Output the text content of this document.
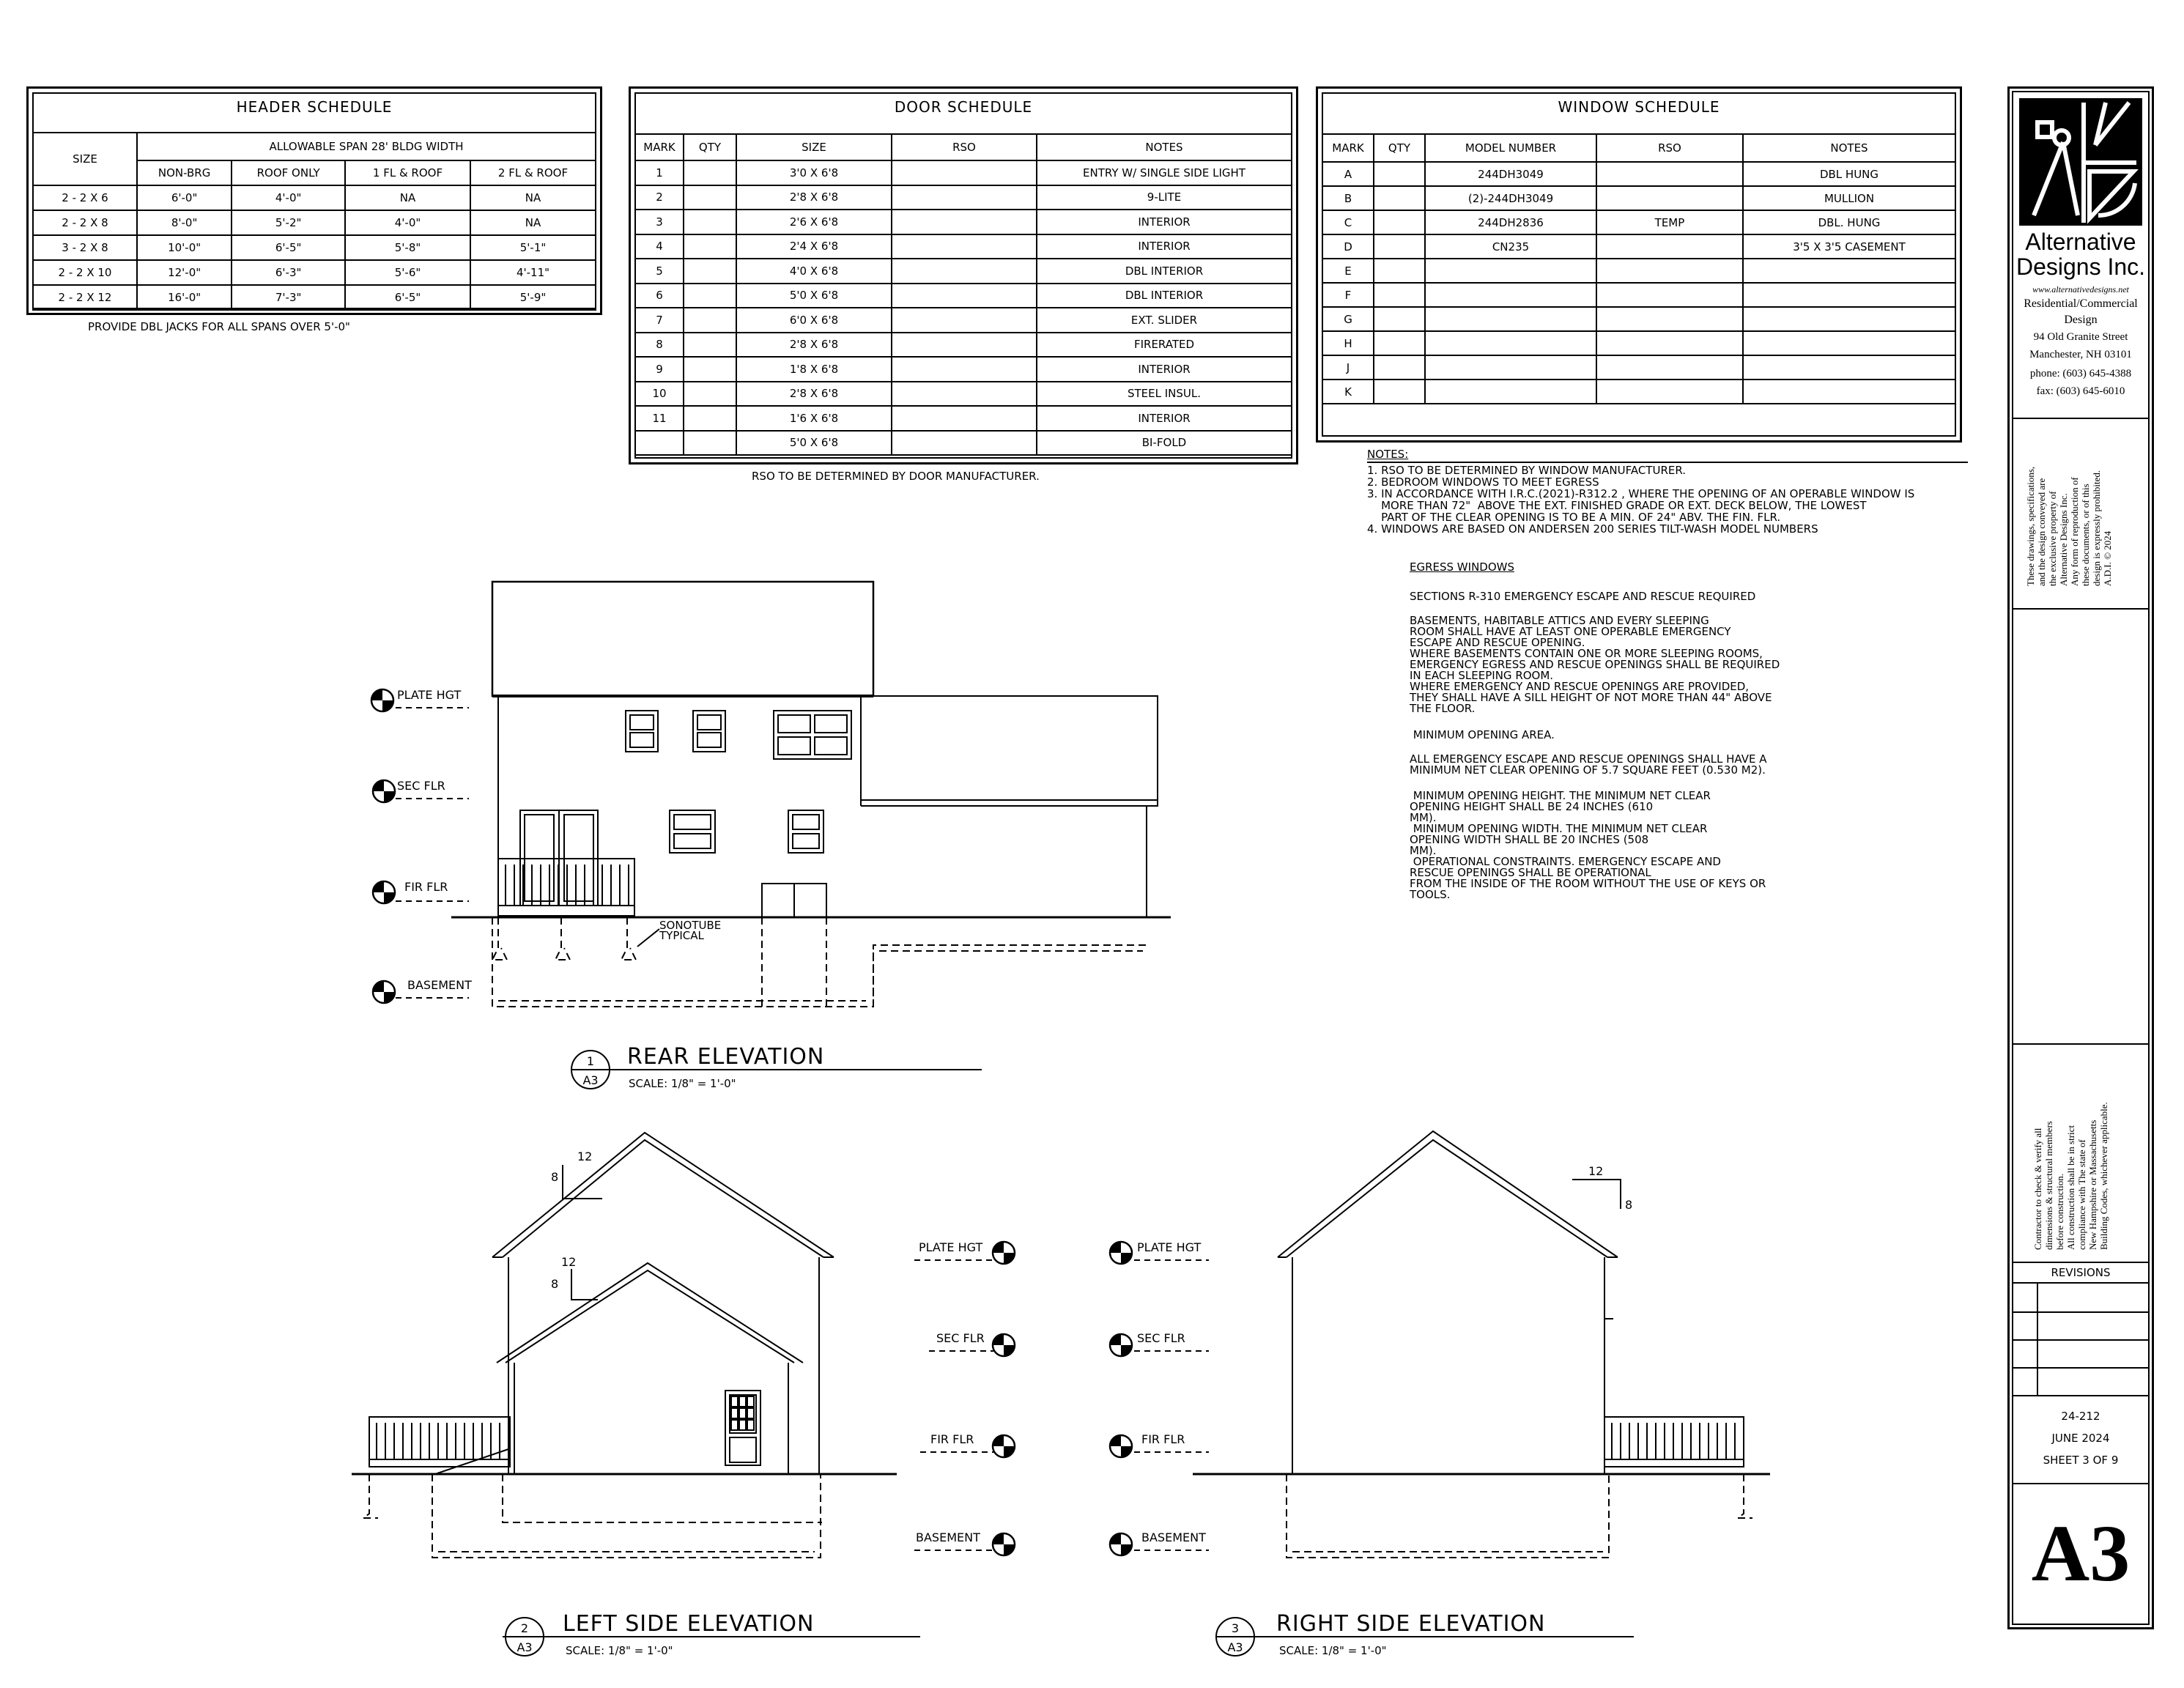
HEADER SCHEDULE
SIZE	ALLOWABLE SPAN 28' BLDG WIDTH			
	NON-BRG	ROOF ONLY	1 FL & ROOF	2 FL & ROOF
2 - 2 X 6	6'-0"	4'-0"	NA	NA
2 - 2 X 8	8'-0"	5'-2"	4'-0"	NA
3 - 2 X 8	10'-0"	6'-5"	5'-8"	5'-1"
2 - 2 X 10	12'-0"	6'-3"	5'-6"	4'-11"
2 - 2 X 12	16'-0"	7'-3"	6'-5"	5'-9"
PROVIDE DBL JACKS FOR ALL SPANS OVER 5'-0"
DOOR SCHEDULE
MARK	QTY	SIZE	RSO	NOTES
1		3'0 X 6'8		ENTRY W/ SINGLE SIDE LIGHT
2		2'8 X 6'8		9-LITE
3		2'6 X 6'8		INTERIOR
4		2'4 X 6'8		INTERIOR
5		4'0 X 6'8		DBL INTERIOR
6		5'0 X 6'8		DBL INTERIOR
7		6'0 X 6'8		EXT. SLIDER
8		2'8 X 6'8		FIRERATED
9		1'8 X 6'8		INTERIOR
10		2'8 X 6'8		STEEL INSUL.
11		1'6 X 6'8		INTERIOR
		5'0 X 6'8		BI-FOLD
RSO TO BE DETERMINED BY DOOR MANUFACTURER.
WINDOW SCHEDULE
MARK	QTY	MODEL NUMBER	RSO	NOTES
A		244DH3049		DBL HUNG
B		(2)-244DH3049		MULLION
C		244DH2836	TEMP	DBL. HUNG
D		CN235		3'5 X 3'5 CASEMENT
E				
F				
G				
H				
J				
K				
NOTES:
1. RSO TO BE DETERMINED BY WINDOW MANUFACTURER.
2. BEDROOM WINDOWS TO MEET EGRESS
3. IN ACCORDANCE WITH I.R.C.(2021)-R312.2 , WHERE THE OPENING OF AN OPERABLE WINDOW IS
MORE THAN 72"  ABOVE THE EXT. FINISHED GRADE OR EXT. DECK BELOW, THE LOWEST
PART OF THE CLEAR OPENING IS TO BE A MIN. OF 24" ABV. THE FIN. FLR.
4. WINDOWS ARE BASED ON ANDERSEN 200 SERIES TILT-WASH MODEL NUMBERS
EGRESS WINDOWS
SECTIONS R-310 EMERGENCY ESCAPE AND RESCUE REQUIRED
BASEMENTS, HABITABLE ATTICS AND EVERY SLEEPING
ROOM SHALL HAVE AT LEAST ONE OPERABLE EMERGENCY
ESCAPE AND RESCUE OPENING.
WHERE BASEMENTS CONTAIN ONE OR MORE SLEEPING ROOMS,
EMERGENCY EGRESS AND RESCUE OPENINGS SHALL BE REQUIRED
IN EACH SLEEPING ROOM.
WHERE EMERGENCY AND RESCUE OPENINGS ARE PROVIDED,
THEY SHALL HAVE A SILL HEIGHT OF NOT MORE THAN 44" ABOVE
THE FLOOR.
MINIMUM OPENING AREA.
ALL EMERGENCY ESCAPE AND RESCUE OPENINGS SHALL HAVE A
MINIMUM NET CLEAR OPENING OF 5.7 SQUARE FEET (0.530 M2).
MINIMUM OPENING HEIGHT. THE MINIMUM NET CLEAR
OPENING HEIGHT SHALL BE 24 INCHES (610
MM).
MINIMUM OPENING WIDTH. THE MINIMUM NET CLEAR
OPENING WIDTH SHALL BE 20 INCHES (508
MM).
OPERATIONAL CONSTRAINTS. EMERGENCY ESCAPE AND
RESCUE OPENINGS SHALL BE OPERATIONAL
FROM THE INSIDE OF THE ROOM WITHOUT THE USE OF KEYS OR
TOOLS.
PLATE HGT
SEC FLR
FIR FLR
BASEMENT
PLATE HGT
SEC FLR
FIR FLR
BASEMENT
PLATE HGT
SEC FLR
FIR FLR
BASEMENT
12
8
12
8
12
8
SONOTUBE TYPICAL
1
A3
REAR ELEVATION
SCALE: 1/8" = 1'-0"
2
A3
LEFT SIDE ELEVATION
SCALE: 1/8" = 1'-0"
3
A3
RIGHT SIDE ELEVATION
SCALE: 1/8" = 1'-0"
Alternative
Designs Inc.
www.alternativedesigns.net
Residential/Commercial
Design
94 Old Granite Street
Manchester, NH 03101
phone: (603) 645-4388
fax: (603) 645-6010
These drawings, specifications,
and the design conveyed are
the exclusive property of
Alternative Designs Inc.
Any form of reproduction of
these documents, or of this
design is expressly prohibited.
A.D.I. © 2024
Contractor to check & verify all
dimensions & structural members
before construction.
All construction shall be in strict
compliance with The state of
New Hampshire or Massachusetts
Building Codes, whichever applicable.
REVISIONS
24-212
JUNE 2024
SHEET 3 OF 9
A3
